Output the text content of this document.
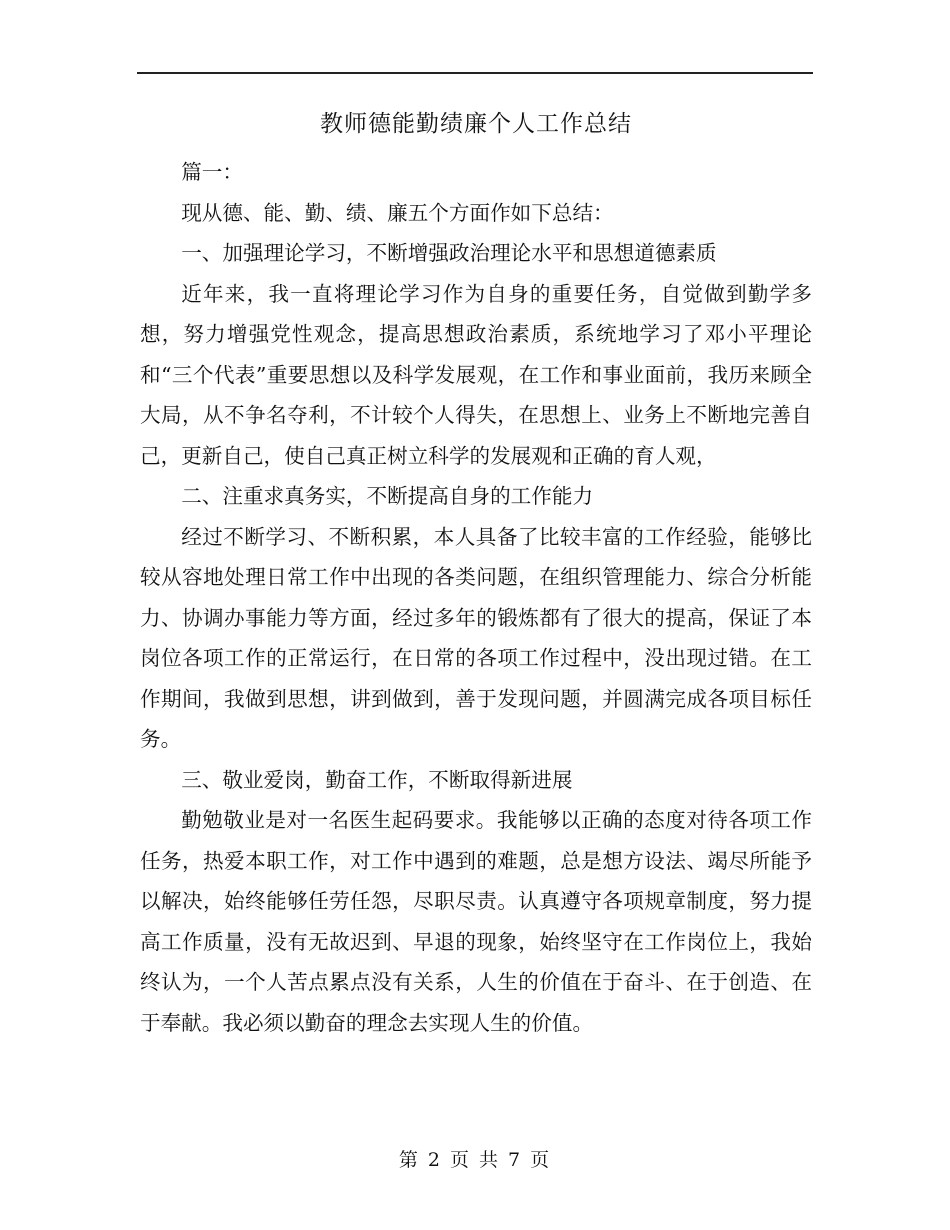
教师德能勤绩廉个人工作总结

篇一：

现从德、能、勤、绩、廉五个方面作如下总结：

一、加强理论学习，不断增强政治理论水平和思想道德素质

近年来，我一直将理论学习作为自身的重要任务，自觉做到勤学多想，努力增强党性观念，提高思想政治素质，系统地学习了邓小平理论和“三个代表”重要思想以及科学发展观，在工作和事业面前，我历来顾全大局，从不争名夺利，不计较个人得失，在思想上、业务上不断地完善自己，更新自己，使自己真正树立科学的发展观和正确的育人观，

二、注重求真务实，不断提高自身的工作能力

经过不断学习、不断积累，本人具备了比较丰富的工作经验，能够比较从容地处理日常工作中出现的各类问题，在组织管理能力、综合分析能力、协调办事能力等方面，经过多年的锻炼都有了很大的提高，保证了本岗位各项工作的正常运行，在日常的各项工作过程中，没出现过错。在工作期间，我做到思想，讲到做到，善于发现问题，并圆满完成各项目标任务。

三、敬业爱岗，勤奋工作，不断取得新进展

勤勉敬业是对一名医生起码要求。我能够以正确的态度对待各项工作任务，热爱本职工作，对工作中遇到的难题，总是想方设法、竭尽所能予以解决，始终能够任劳任怨，尽职尽责。认真遵守各项规章制度，努力提高工作质量，没有无故迟到、早退的现象，始终坚守在工作岗位上，我始终认为，一个人苦点累点没有关系，人生的价值在于奋斗、在于创造、在于奉献。我必须以勤奋的理念去实现人生的价值。

第 2 页 共 7 页
